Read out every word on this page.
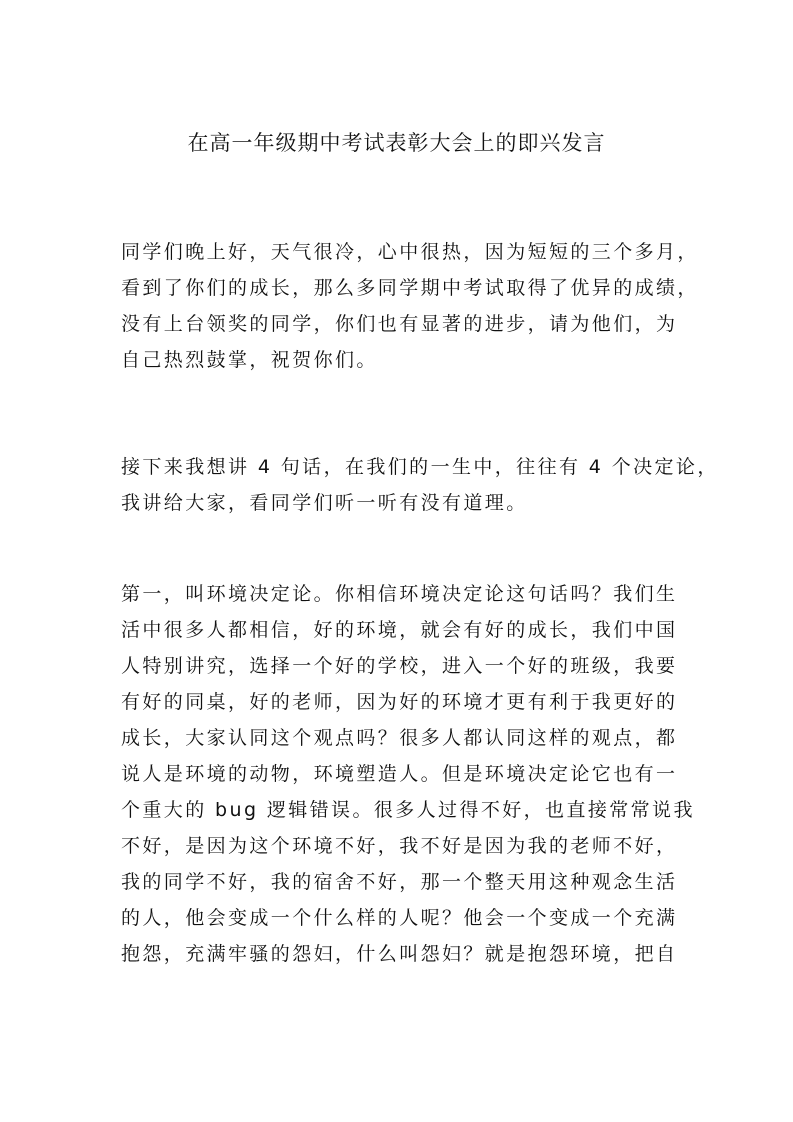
在高一年级期中考试表彰大会上的即兴发言
同学们晚上好，天气很冷，心中很热，因为短短的三个多月，
看到了你们的成长，那么多同学期中考试取得了优异的成绩，
没有上台领奖的同学，你们也有显著的进步，请为他们，为
自己热烈鼓掌，祝贺你们。
接下来我想讲 4 句话，在我们的一生中，往往有 4 个决定论，
我讲给大家，看同学们听一听有没有道理。
第一，叫环境决定论。你相信环境决定论这句话吗？我们生
活中很多人都相信，好的环境，就会有好的成长，我们中国
人特别讲究，选择一个好的学校，进入一个好的班级，我要
有好的同桌，好的老师，因为好的环境才更有利于我更好的
成长，大家认同这个观点吗？很多人都认同这样的观点，都
说人是环境的动物，环境塑造人。但是环境决定论它也有一
个重大的 bug 逻辑错误。很多人过得不好，也直接常常说我
不好，是因为这个环境不好，我不好是因为我的老师不好，
我的同学不好，我的宿舍不好，那一个整天用这种观念生活
的人，他会变成一个什么样的人呢？他会一个变成一个充满
抱怨，充满牢骚的怨妇，什么叫怨妇？就是抱怨环境，把自
